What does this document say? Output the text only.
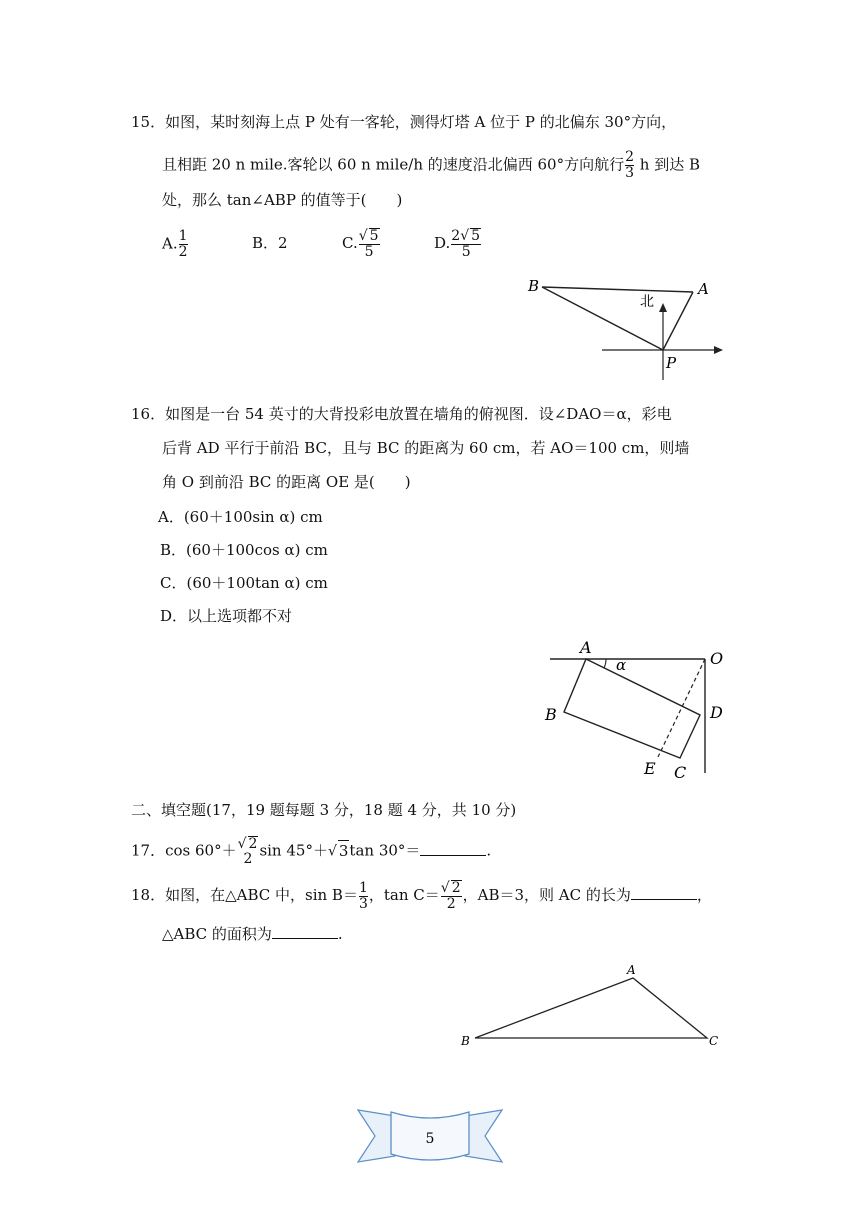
15．如图，某时刻海上点 P 处有一客轮，测得灯塔 A 位于 P 的北偏东 30°方向，
且相距 20 n mile.客轮以 60 n mile/h 的速度沿北偏西 60°方向航行 $\frac{2}{3}$ h 到达 B
处，那么 tan∠ABP 的值等于(　　)
A. $\frac{1}{2}$	B．2	C. $\frac{√ 5}{5}$	D. $\frac{2√ 5}{5}$
B	A
北
P
16．如图是一台 54 英寸的大背投彩电放置在墙角的俯视图．设∠DAO＝α，彩电
后背 AD 平行于前沿 BC，且与 BC 的距离为 60 cm，若 AO＝100 cm，则墙
角 O 到前沿 BC 的距离 OE 是(　　)
A．(60＋100sin α) cm
B．(60＋100cos α) cm
C．(60＋100tan α) cm
D．以上选项都不对
A
α	O
B	D
E C
二、填空题(17，19 题每题 3 分，18 题 4 分，共 10 分)
17．cos 60°＋ √ 2
2 sin 45°＋√ 3tan 30°＝	.
18．如图，在△ABC 中，$\sin B= \frac{1}{3}$ ，$\tan C= \frac{√ 2}{2}$ ，AB＝3，则 AC 的长为	，
△ABC 的面积为	.
A
B	C
5
